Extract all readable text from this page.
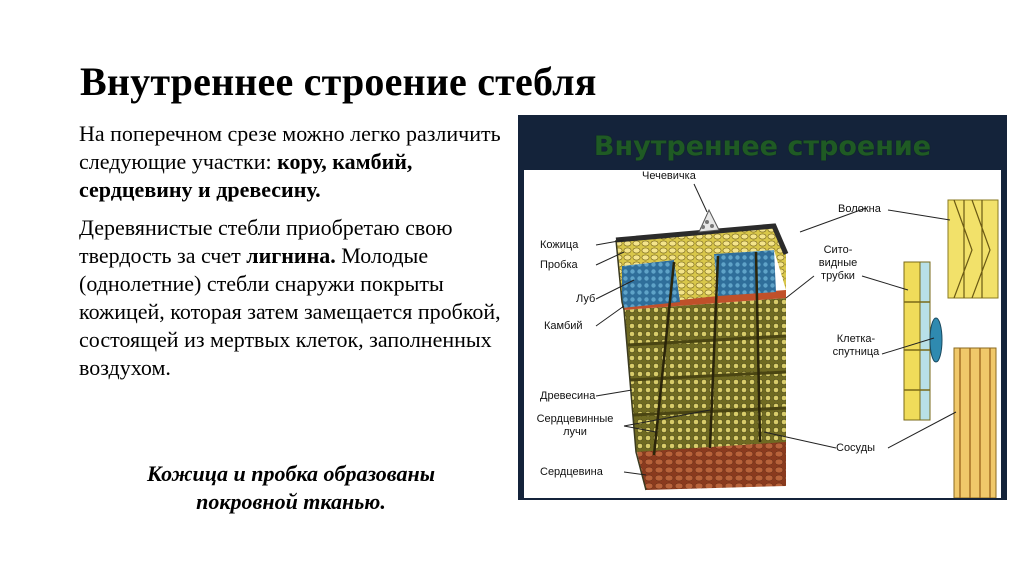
Внутреннее строение стебля

На поперечном срезе можно легко различить следующие участки: кору, камбий, сердцевину и древесину.

Деревянистые стебли приобретаю свою твердость за счет лигнина. Молодые (однолетние) стебли снаружи покрыты кожицей, которая затем замещается пробкой, состоящей из мертвых клеток, заполненных воздухом.

Кожица и пробка образованы покровной тканью.
Внутреннее строение
Чечевичка
Кожица
Пробка
Луб
Камбий
Древесина
Сердцевинные
лучи
Сердцевина
Волокна
Сито-
видные
трубки
Клетка-
спутница
Сосуды
